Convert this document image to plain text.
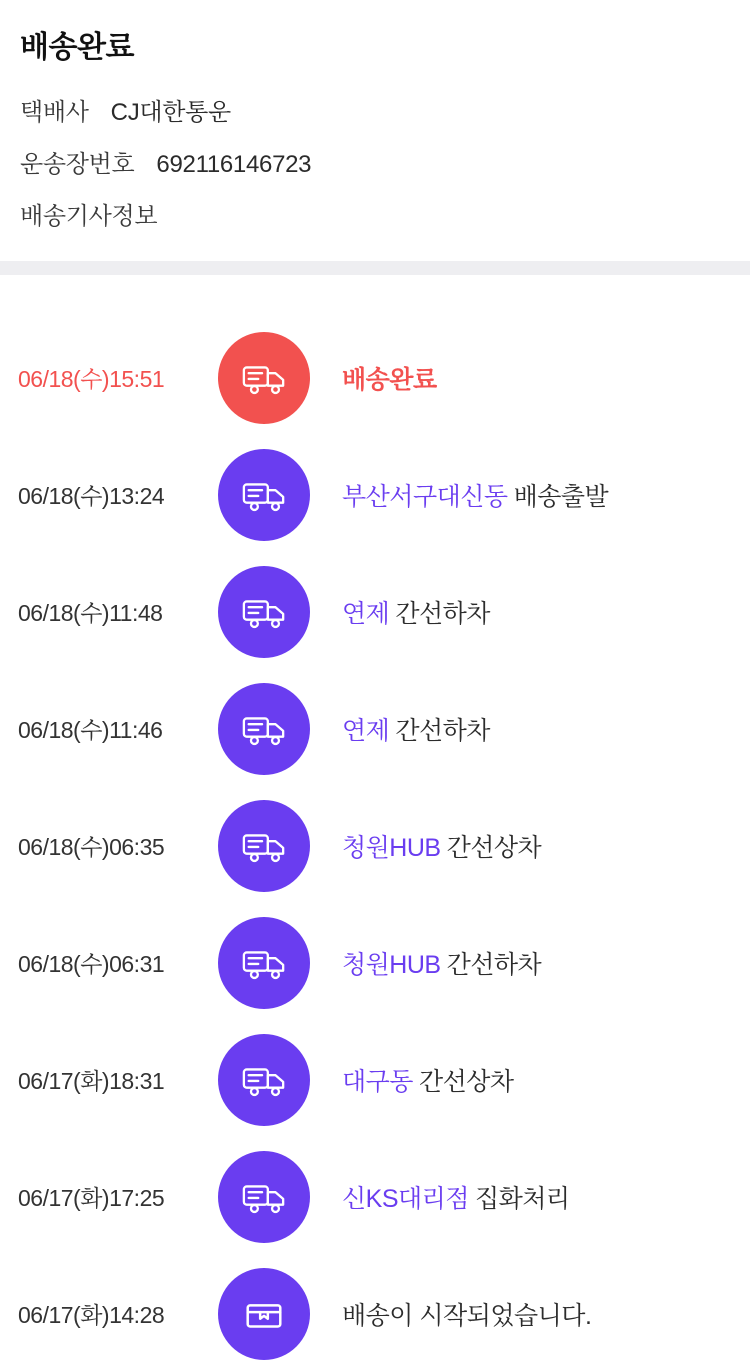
배송완료
택배사 CJ대한통운
운송장번호 692116146723
배송기사정보
06/18(수)15:51	배송완료
06/18(수)13:24	부산서구대신동 배송출발
06/18(수)11:48	연제 간선하차
06/18(수)11:46	연제 간선하차
06/18(수)06:35	청원HUB 간선상차
06/18(수)06:31	청원HUB 간선하차
06/17(화)18:31	대구동 간선상차
06/17(화)17:25	신KS대리점 집화처리
06/17(화)14:28	배송이 시작되었습니다.
